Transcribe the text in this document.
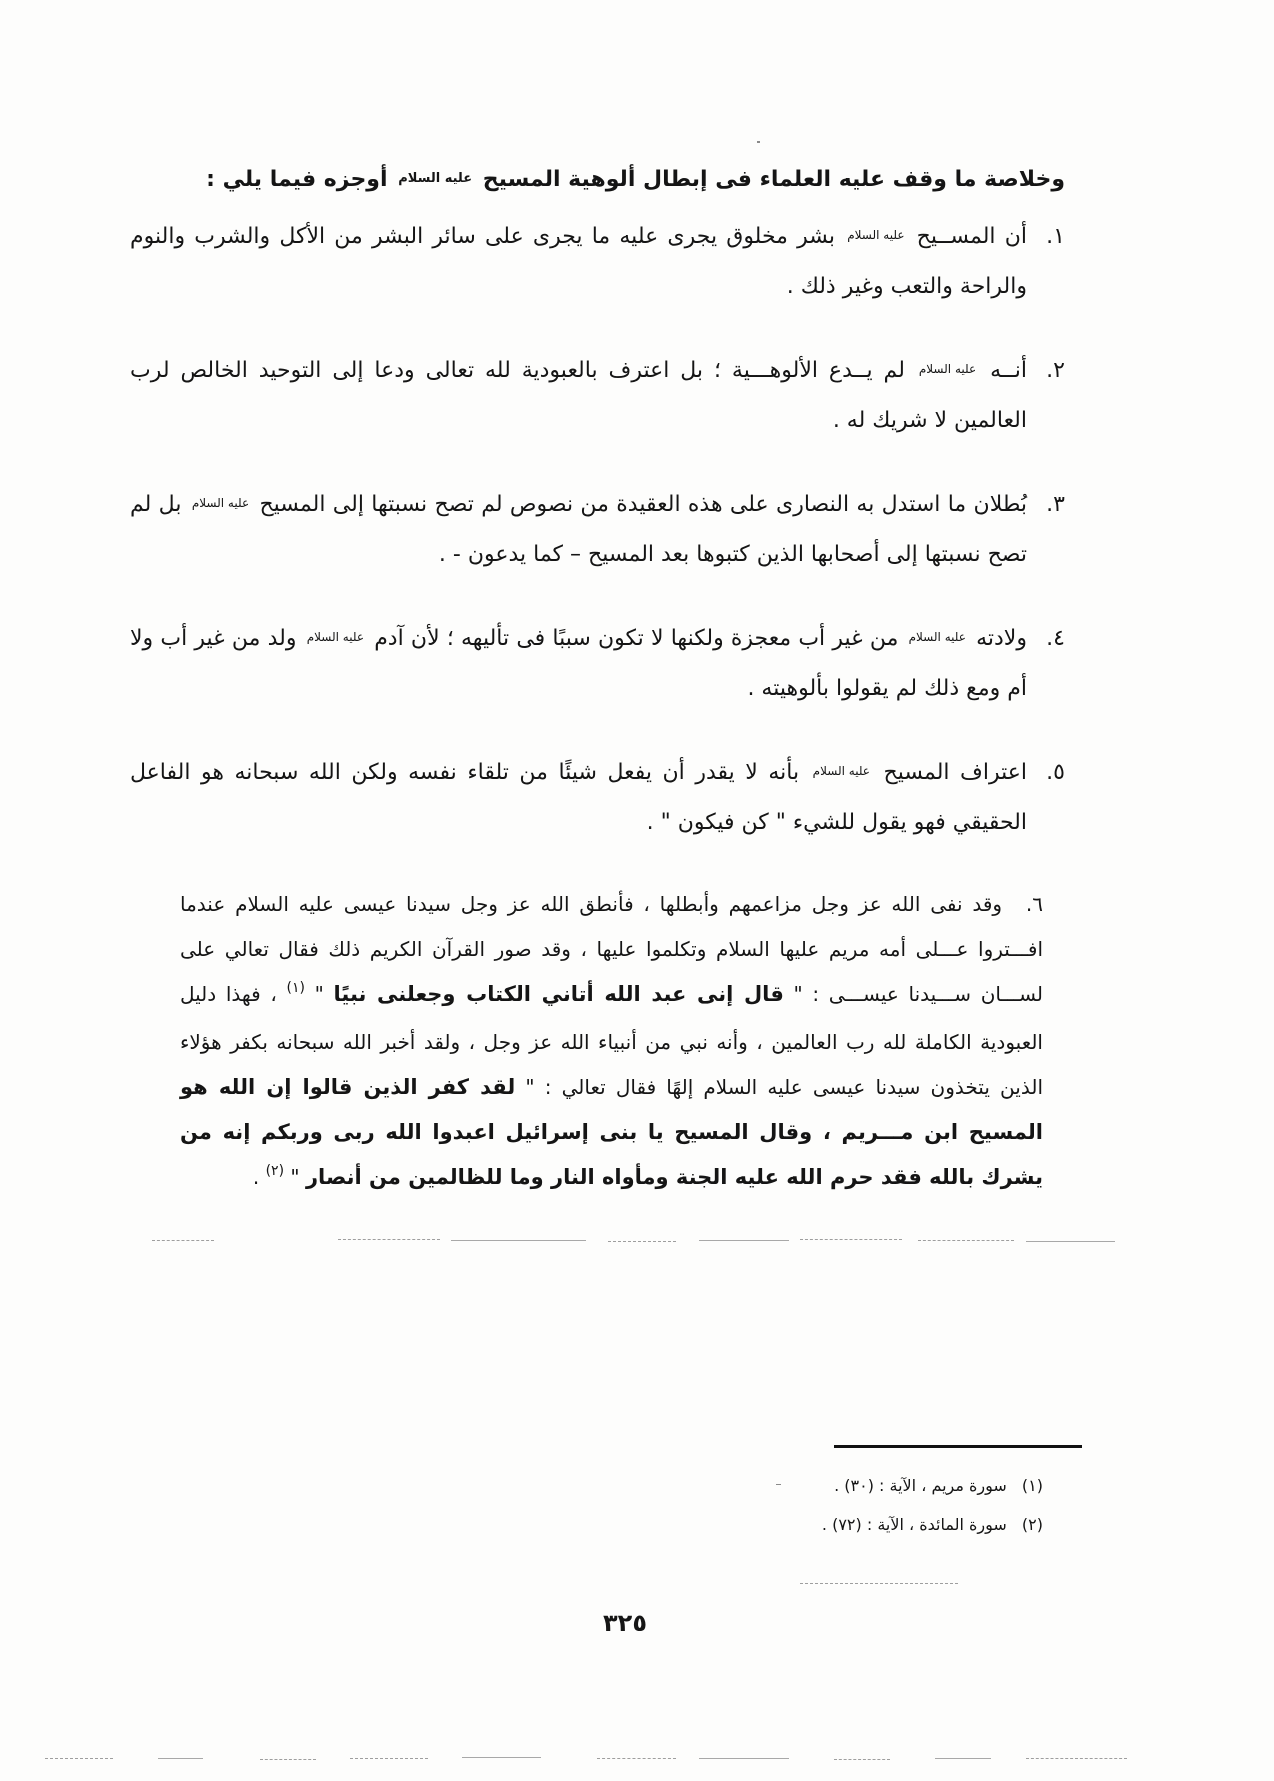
وخلاصة ما وقف عليه العلماء فى إبطال ألوهية المسيح عليه السلام أوجزه فيما يلي :
١.
أن المســيح عليه السلام بشر مخلوق يجرى عليه ما يجرى على سائر البشر من الأكل والشرب والنوم والراحة والتعب وغير ذلك .
٢.
أنــه عليه السلام لم يــدع الألوهـــية ؛ بل اعترف بالعبودية لله تعالى ودعا إلى التوحيد الخالص لرب العالمين لا شريك له .
٣.
بُطلان ما استدل به النصارى على هذه العقيدة من نصوص لم تصح نسبتها إلى المسيح عليه السلام بل لم تصح نسبتها إلى أصحابها الذين كتبوها بعد المسيح – كما يدعون - .
٤.
ولادته عليه السلام من غير أب معجزة ولكنها لا تكون سببًا فى تأليهه ؛ لأن آدم عليه السلام ولد من غير أب ولا أم ومع ذلك لم يقولوا بألوهيته .
٥.
اعتراف المسيح عليه السلام بأنه لا يقدر أن يفعل شيئًا من تلقاء نفسه ولكن الله سبحانه هو الفاعل الحقيقي فهو يقول للشيء " كن فيكون " .

٦. وقد نفى الله عز وجل مزاعمهم وأبطلها ، فأنطق الله عز وجل سيدنا عيسى عليه السلام عندما افـــتروا عـــلى أمه مريم عليها السلام وتكلموا عليها ، وقد صور القرآن الكريم ذلك فقال تعالي على لســـان ســـيدنا عيســـى : " قال إنى عبد الله أتاني الكتاب وجعلنى نبيًا " $^{(١)}$ ، فهذا دليل العبودية الكاملة لله رب العالمين ، وأنه نبي من أنبياء الله عز وجل ، ولقد أخبر الله سبحانه بكفر هؤلاء الذين يتخذون سيدنا عيسى عليه السلام إلهًا فقال تعالي : " لقد كفر الذين قالوا إن الله هو المسيح ابن مـــريم ، وقال المسيح يا بنى إسرائيل اعبدوا الله ربى وربكم إنه من يشرك بالله فقد حرم الله عليه الجنة ومأواه النار وما للظالمين من أنصار " $^{(٢)}$ .

(١) سورة مريم ، الآية : (٣٠) .
(٢) سورة المائدة ، الآية : (٧٢) .
٣٢٥
